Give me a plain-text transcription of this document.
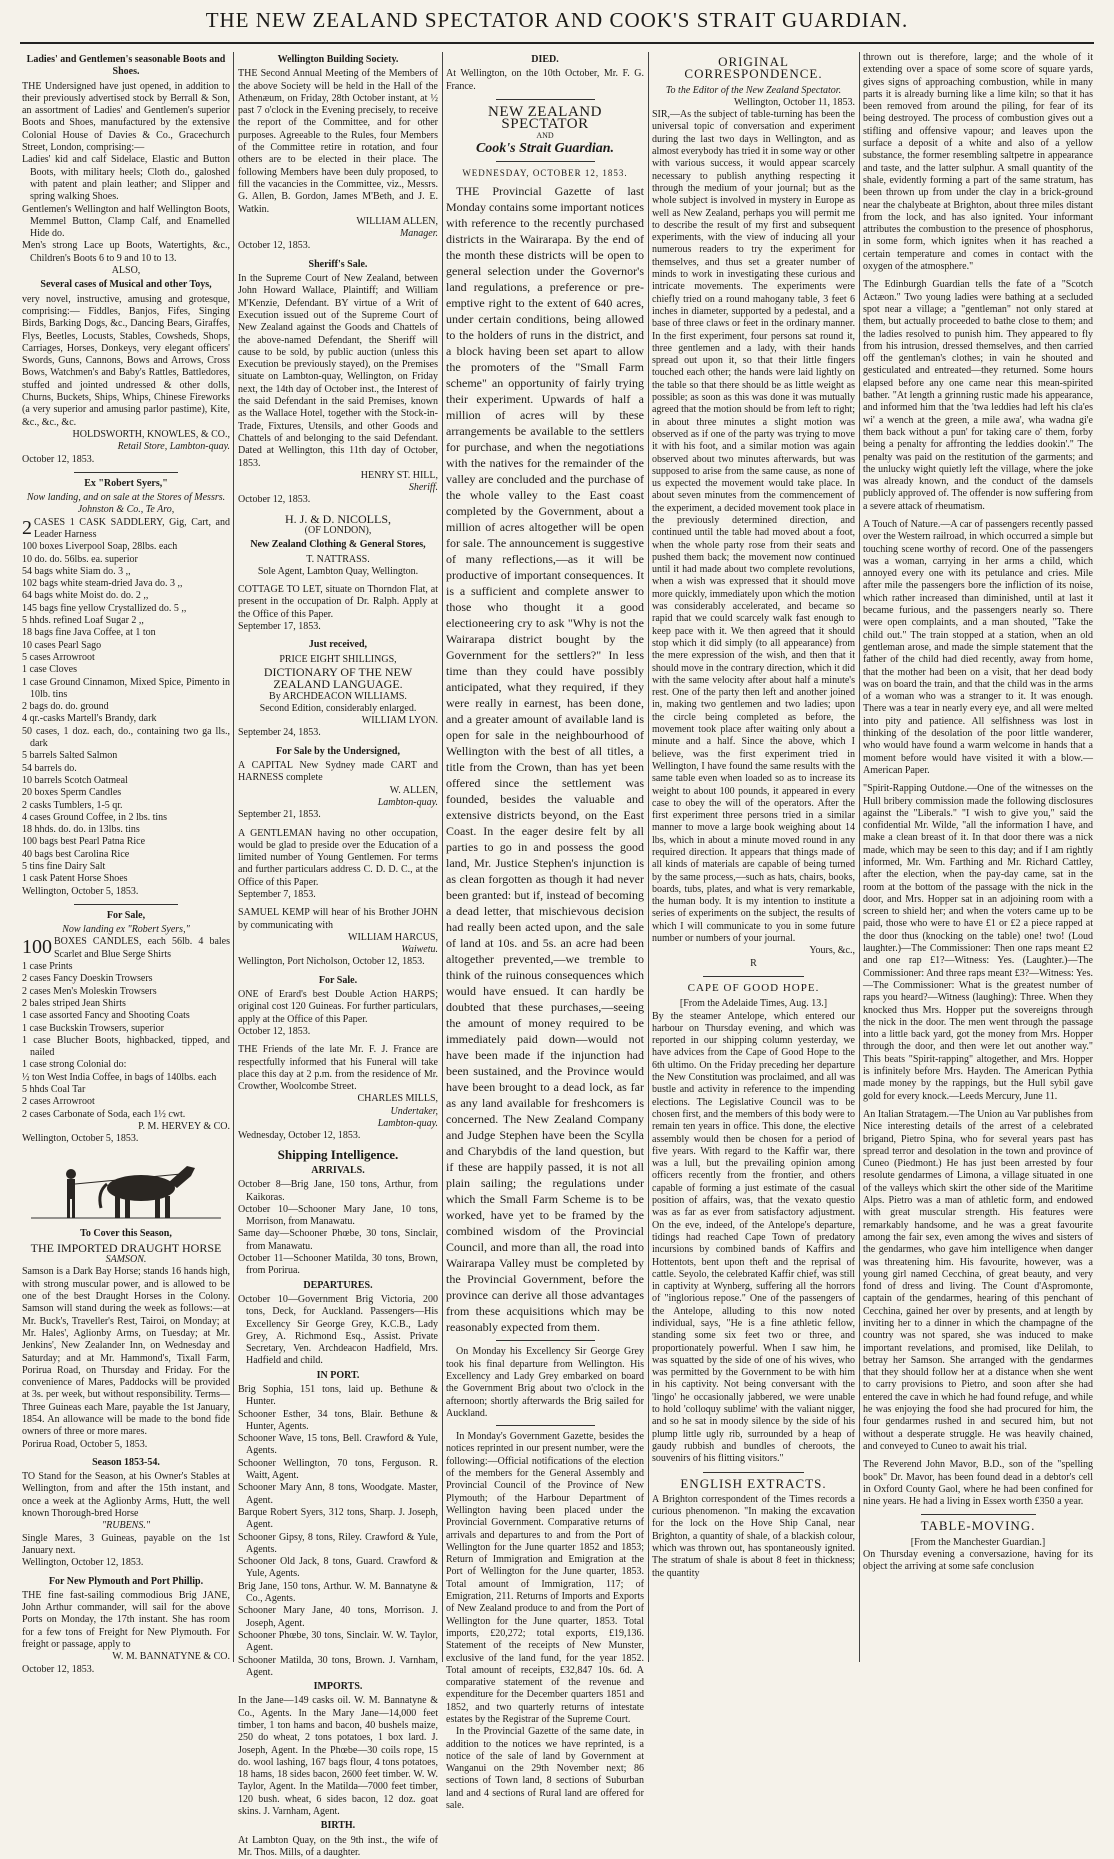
THE NEW ZEALAND SPECTATOR AND COOK'S STRAIT GUARDIAN.
Ladies' and Gentlemen's seasonable Boots and Shoes.
THE Undersigned have just opened, in addition to their previously advertised stock by Berrall & Son, an assortment of Ladies' and Gentlemen's superior Boots and Shoes, manufactured by the extensive Colonial House of Davies & Co., Gracechurch Street, London, comprising:—
Ladies' kid and calf Sidelace, Elastic and Button Boots, with military heels; Cloth do., galoshed with patent and plain leather; and Slipper and spring walking Shoes.
Gentlemen's Wellington and half Wellington Boots, Memmel Button, Clamp Calf, and Enamelled Hide do.
Men's strong Lace up Boots, Watertights, &c., Children's Boots 6 to 9 and 10 to 13.
ALSO,
Several cases of Musical and other Toys,
very novel, instructive, amusing and grotesque, comprising:— Fiddles, Banjos, Fifes, Singing Birds, Barking Dogs, &c., Dancing Bears, Giraffes, Flys, Beetles, Locusts, Stables, Cowsheds, Shops, Carriages, Horses, Donkeys, very elegant officers' Swords, Guns, Cannons, Bows and Arrows, Cross Bows, Watchmen's and Baby's Rattles, Battledores, stuffed and jointed undressed & other dolls, Churns, Buckets, Ships, Whips, Chinese Fireworks (a very superior and amusing parlor pastime), Kite, &c., &c., &c.
HOLDSWORTH, KNOWLES, & CO.,
Retail Store, Lambton-quay.
October 12, 1853.
Ex "Robert Syers,"
Now landing, and on sale at the Stores of Messrs. Johnston & Co., Te Aro,
2 CASES 1 CASK SADDLERY, Gig, Cart, and Leader Harness
100 boxes Liverpool Soap, 28lbs. each
10 do. do. 56lbs. ea. superior
54 bags white Siam do. 3 ,,
102 bags white steam-dried Java do. 3 ,,
64 bags white Moist do. do. 2 ,,
145 bags fine yellow Crystallized do. 5 ,,
5 hhds. refined Loaf Sugar 2 ,,
18 bags fine Java Coffee, at 1 ton
10 cases Pearl Sago
5 cases Arrowroot
1 case Cloves
1 case Ground Cinnamon, Mixed Spice, Pimento in 10lb. tins
2 bags do. do. ground
4 qr.-casks Martell's Brandy, dark
50 cases, 1 doz. each, do., containing two ga lls., dark
5 barrels Salted Salmon
54 barrels do.
10 barrels Scotch Oatmeal
20 boxes Sperm Candles
2 casks Tumblers, 1-5 qr.
4 cases Ground Coffee, in 2 lbs. tins
18 hhds. do. do. in 13lbs. tins
100 bags best Pearl Patna Rice
40 bags best Carolina Rice
5 tins fine Dairy Salt
1 cask Patent Horse Shoes
Wellington, October 5, 1853.
For Sale,
Now landing ex "Robert Syers,"
100 BOXES CANDLES, each 56lb. 4 bales Scarlet and Blue Serge Shirts
1 case Prints
2 cases Fancy Doeskin Trowsers
2 cases Men's Moleskin Trowsers
2 bales striped Jean Shirts
1 case assorted Fancy and Shooting Coats
1 case Buckskin Trowsers, superior
1 case Blucher Boots, highbacked, tipped, and nailed
1 case strong Colonial do:
½ ton West India Coffee, in bags of 140lbs. each
5 hhds Coal Tar
2 cases Arrowroot
2 cases Carbonate of Soda, each 1½ cwt.
P. M. HERVEY & CO.
Wellington, October 5, 1853.
To Cover this Season,
THE IMPORTED DRAUGHT HORSE
SAMSON.
Samson is a Dark Bay Horse; stands 16 hands high, with strong muscular power, and is allowed to be one of the best Draught Horses in the Colony. Samson will stand during the week as follows:—at Mr. Buck's, Traveller's Rest, Tairoi, on Monday; at Mr. Hales', Aglionby Arms, on Tuesday; at Mr. Jenkins', New Zealander Inn, on Wednesday and Saturday; and at Mr. Hammond's, Tixall Farm, Porirua Road, on Thursday and Friday. For the convenience of Mares, Paddocks will be provided at 3s. per week, but without responsibility. Terms—Three Guineas each Mare, payable the 1st January, 1854. An allowance will be made to the bond fide owners of three or more mares.
Porirua Road, October 5, 1853.
Season 1853-54.
TO Stand for the Season, at his Owner's Stables at Wellington, from and after the 15th instant, and once a week at the Aglionby Arms, Hutt, the well known Thorough-bred Horse
"RUBENS."
Single Mares, 3 Guineas, payable on the 1st January next.
Wellington, October 12, 1853.
For New Plymouth and Port Phillip.
THE fine fast-sailing commodious Brig JANE, John Arthur commander, will sail for the above Ports on Monday, the 17th instant. She has room for a few tons of Freight for New Plymouth. For freight or passage, apply to
W. M. BANNATYNE & CO.
October 12, 1853.
Wellington Building Society.
THE Second Annual Meeting of the Members of the above Society will be held in the Hall of the Athenæum, on Friday, 28th October instant, at ½ past 7 o'clock in the Evening precisely, to receive the report of the Committee, and for other purposes. Agreeable to the Rules, four Members of the Committee retire in rotation, and four others are to be elected in their place. The following Members have been duly proposed, to fill the vacancies in the Committee, viz., Messrs. G. Allen, B. Gordon, James M'Beth, and J. E. Watkin.
WILLIAM ALLEN,
Manager.
October 12, 1853.
Sheriff's Sale.
In the Supreme Court of New Zealand, between John Howard Wallace, Plaintiff; and William M'Kenzie, Defendant. BY virtue of a Writ of Execution issued out of the Supreme Court of New Zealand against the Goods and Chattels of the above-named Defendant, the Sheriff will cause to be sold, by public auction (unless this Execution be previously stayed), on the Premises situate on Lambton-quay, Wellington, on Friday next, the 14th day of October inst., the Interest of the said Defendant in the said Premises, known as the Wallace Hotel, together with the Stock-in-Trade, Fixtures, Utensils, and other Goods and Chattels of and belonging to the said Defendant. Dated at Wellington, this 11th day of October, 1853.
HENRY ST. HILL,
Sheriff.
October 12, 1853.
H. J. & D. NICOLLS,
(OF LONDON),
New Zealand Clothing & General Stores,
T. NATTRASS.
Sole Agent, Lambton Quay, Wellington.
COTTAGE TO LET, situate on Thorndon Flat, at present in the occupation of Dr. Ralph. Apply at the Office of this Paper.
September 17, 1853.
Just received,
PRICE EIGHT SHILLINGS,
DICTIONARY OF THE NEW ZEALAND LANGUAGE.
By ARCHDEACON WILLIAMS.
Second Edition, considerably enlarged.
WILLIAM LYON.
September 24, 1853.
For Sale by the Undersigned,
A CAPITAL New Sydney made CART and HARNESS complete
W. ALLEN,
Lambton-quay.
September 21, 1853.
A GENTLEMAN having no other occupation, would be glad to preside over the Education of a limited number of Young Gentlemen. For terms and further particulars address C. D. D. C., at the Office of this Paper.
September 7, 1853.
SAMUEL KEMP will hear of his Brother JOHN by communicating with
WILLIAM HARCUS,
Waiwetu.
Wellington, Port Nicholson, October 12, 1853.
For Sale.
ONE of Erard's best Double Action HARPS; original cost 120 Guineas. For further particulars, apply at the Office of this Paper.
October 12, 1853.
THE Friends of the late Mr. F. J. France are respectfully informed that his Funeral will take place this day at 2 p.m. from the residence of Mr. Crowther, Woolcombe Street.
CHARLES MILLS,
Undertaker,
Lambton-quay.
Wednesday, October 12, 1853.
Shipping Intelligence.
ARRIVALS.
October 8—Brig Jane, 150 tons, Arthur, from Kaikoras.
October 10—Schooner Mary Jane, 10 tons, Morrison, from Manawatu.
Same day—Schooner Phœbe, 30 tons, Sinclair, from Manawatu.
October 11—Schooner Matilda, 30 tons, Brown, from Porirua.
DEPARTURES.
October 10—Government Brig Victoria, 200 tons, Deck, for Auckland. Passengers—His Excellency Sir George Grey, K.C.B., Lady Grey, A. Richmond Esq., Assist. Private Secretary, Ven. Archdeacon Hadfield, Mrs. Hadfield and child.
IN PORT.
Brig Sophia, 151 tons, laid up. Bethune & Hunter.
Schooner Esther, 34 tons, Blair. Bethune & Hunter, Agents.
Schooner Wave, 15 tons, Bell. Crawford & Yule, Agents.
Schooner Wellington, 70 tons, Ferguson. R. Waitt, Agent.
Schooner Mary Ann, 8 tons, Woodgate. Master, Agent.
Barque Robert Syers, 312 tons, Sharp. J. Joseph, Agent.
Schooner Gipsy, 8 tons, Riley. Crawford & Yule, Agents.
Schooner Old Jack, 8 tons, Guard. Crawford & Yule, Agents.
Brig Jane, 150 tons, Arthur. W. M. Bannatyne & Co., Agents.
Schooner Mary Jane, 40 tons, Morrison. J. Joseph, Agent.
Schooner Phœbe, 30 tons, Sinclair. W. W. Taylor, Agent.
Schooner Matilda, 30 tons, Brown. J. Varnham, Agent.
IMPORTS.
In the Jane—149 casks oil. W. M. Bannatyne & Co., Agents. In the Mary Jane—14,000 feet timber, 1 ton hams and bacon, 40 bushels maize, 250 do wheat, 2 tons potatoes, 1 box lard. J. Joseph, Agent. In the Phœbe—30 coils rope, 15 do. wool lashing, 167 bags flour, 4 tons potatoes, 18 hams, 18 sides bacon, 2600 feet timber. W. W. Taylor, Agent. In the Matilda—7000 feet timber, 120 bush. wheat, 6 sides bacon, 12 doz. goat skins. J. Varnham, Agent.
BIRTH.
At Lambton Quay, on the 9th inst., the wife of Mr. Thos. Mills, of a daughter.
DIED.
At Wellington, on the 10th October, Mr. F. G. France.
NEW ZEALAND SPECTATOR
AND
Cook's Strait Guardian.
WEDNESDAY, OCTOBER 12, 1853.

THE Provincial Gazette of last Monday contains some important notices with reference to the recently purchased districts in the Wairarapa. By the end of the month these districts will be open to general selection under the Governor's land regulations, a preference or pre-emptive right to the extent of 640 acres, under certain conditions, being allowed to the holders of runs in the district, and a block having been set apart to allow the promoters of the "Small Farm scheme" an opportunity of fairly trying their experiment. Upwards of half a million of acres will by these arrangements be available to the settlers for purchase, and when the negotiations with the natives for the remainder of the valley are concluded and the purchase of the whole valley to the East coast completed by the Government, about a million of acres altogether will be open for sale. The announcement is suggestive of many reflections,—as it will be productive of important consequences. It is a sufficient and complete answer to those who thought it a good electioneering cry to ask "Why is not the Wairarapa district bought by the Government for the settlers?" In less time than they could have possibly anticipated, what they required, if they were really in earnest, has been done, and a greater amount of available land is open for sale in the neighbourhood of Wellington with the best of all titles, a title from the Crown, than has yet been offered since the settlement was founded, besides the valuable and extensive districts beyond, on the East Coast. In the eager desire felt by all parties to go in and possess the good land, Mr. Justice Stephen's injunction is as clean forgotten as though it had never been granted: but if, instead of becoming a dead letter, that mischievous decision had really been acted upon, and the sale of land at 10s. and 5s. an acre had been altogether prevented,—we tremble to think of the ruinous consequences which would have ensued. It can hardly be doubted that these purchases,—seeing the amount of money required to be immediately paid down—would not have been made if the injunction had been sustained, and the Province would have been brought to a dead lock, as far as any land available for freshcomers is concerned. The New Zealand Company and Judge Stephen have been the Scylla and Charybdis of the land question, but if these are happily passed, it is not all plain sailing; the regulations under which the Small Farm Scheme is to be worked, have yet to be framed by the combined wisdom of the Provincial Council, and more than all, the road into Wairarapa Valley must be completed by the Provincial Government, before the province can derive all those advantages from these acquisitions which may be reasonably expected from them.

On Monday his Excellency Sir George Grey took his final departure from Wellington. His Excellency and Lady Grey embarked on board the Government Brig about two o'clock in the afternoon; shortly afterwards the Brig sailed for Auckland.

In Monday's Government Gazette, besides the notices reprinted in our present number, were the following:—Official notifications of the election of the members for the General Assembly and Provincial Council of the Province of New Plymouth; of the Harbour Department of Wellington having been placed under the Provincial Government. Comparative returns of arrivals and departures to and from the Port of Wellington for the June quarter 1852 and 1853; Return of Immigration and Emigration at the Port of Wellington for the June quarter, 1853. Total amount of Immigration, 117; of Emigration, 211. Returns of Imports and Exports of New Zealand produce to and from the Port of Wellington for the June quarter, 1853. Total imports, £20,272; total exports, £19,136. Statement of the receipts of New Munster, exclusive of the land fund, for the year 1852. Total amount of receipts, £32,847 10s. 6d. A comparative statement of the revenue and expenditure for the December quarters 1851 and 1852, and two quarterly returns of intestate estates by the Registrar of the Supreme Court.

In the Provincial Gazette of the same date, in addition to the notices we have reprinted, is a notice of the sale of land by Government at Wanganui on the 29th November next; 86 sections of Town land, 8 sections of Suburban land and 4 sections of Rural land are offered for sale.

ORIGINAL CORRESPONDENCE.
To the Editor of the New Zealand Spectator.
Wellington, October 11, 1853.
SIR,—As the subject of table-turning has been the universal topic of conversation and experiment during the last two days in Wellington, and as almost everybody has tried it in some way or other with various success, it would appear scarcely necessary to publish anything respecting it through the medium of your journal; but as the whole subject is involved in mystery in Europe as well as New Zealand, perhaps you will permit me to describe the result of my first and subsequent experiments, with the view of inducing all your numerous readers to try the experiment for themselves, and thus set a greater number of minds to work in investigating these curious and intricate movements. The experiments were chiefly tried on a round mahogany table, 3 feet 6 inches in diameter, supported by a pedestal, and a base of three claws or feet in the ordinary manner. In the first experiment, four persons sat round it, three gentlemen and a lady, with their hands spread out upon it, so that their little fingers touched each other; the hands were laid lightly on the table so that there should be as little weight as possible; as soon as this was done it was mutually agreed that the motion should be from left to right; in about three minutes a slight motion was observed as if one of the party was trying to move it with his foot, and a similar motion was again observed about two minutes afterwards, but was supposed to arise from the same cause, as none of us expected the movement would take place. In about seven minutes from the commencement of the experiment, a decided movement took place in the previously determined direction, and continued until the table had moved about a foot, when the whole party rose from their seats and pushed them back; the movement now continued until it had made about two complete revolutions, when a wish was expressed that it should move more quickly, immediately upon which the motion was considerably accelerated, and became so rapid that we could scarcely walk fast enough to keep pace with it. We then agreed that it should stop which it did simply (to all appearance) from the mere expression of the wish, and then that it should move in the contrary direction, which it did with the same velocity after about half a minute's rest. One of the party then left and another joined in, making two gentlemen and two ladies; upon the circle being completed as before, the movement took place after waiting only about a minute and a half. Since the above, which I believe, was the first experiment tried in Wellington, I have found the same results with the same table even when loaded so as to increase its weight to about 100 pounds, it appeared in every case to obey the will of the operators. After the first experiment three persons tried in a similar manner to move a large book weighing about 14 lbs, which in about a minute moved round in any required direction. It appears that things made of all kinds of materials are capable of being turned by the same process,—such as hats, chairs, books, boards, tubs, plates, and what is very remarkable, the human body. It is my intention to institute a series of experiments on the subject, the results of which I will communicate to you in some future number or numbers of your journal.
Yours, &c.,
R
CAPE OF GOOD HOPE.
[From the Adelaide Times, Aug. 13.]
By the steamer Antelope, which entered our harbour on Thursday evening, and which was reported in our shipping column yesterday, we have advices from the Cape of Good Hope to the 6th ultimo. On the Friday preceding her departure the New Constitution was proclaimed, and all was bustle and activity in reference to the impending elections. The Legislative Council was to be chosen first, and the members of this body were to remain ten years in office. This done, the elective assembly would then be chosen for a period of five years. With regard to the Kaffir war, there was a lull, but the prevailing opinion among officers recently from the frontier, and others capable of forming a just estimate of the casual position of affairs, was, that the vexato questio was as far as ever from satisfactory adjustment. On the eve, indeed, of the Antelope's departure, tidings had reached Cape Town of predatory incursions by combined bands of Kaffirs and Hottentots, bent upon theft and the reprisal of cattle. Seyolo, the celebrated Kaffir chief, was still in captivity at Wynberg, suffering all the horrors of "inglorious repose." One of the passengers of the Antelope, alluding to this now noted individual, says, "He is a fine athletic fellow, standing some six feet two or three, and proportionately powerful. When I saw him, he was squatted by the side of one of his wives, who was permitted by the Government to be with him in his captivity. Not being conversant with the 'lingo' he occasionally jabbered, we were unable to hold 'colloquy sublime' with the valiant nigger, and so he sat in moody silence by the side of his plump little ugly rib, surrounded by a heap of gaudy rubbish and bundles of cheroots, the souvenirs of his flitting visitors."
ENGLISH EXTRACTS.
A Brighton correspondent of the Times records a curious phenomenon. "In making the excavation for the lock on the Hove Ship Canal, near Brighton, a quantity of shale, of a blackish colour, which was thrown out, has spontaneously ignited. The stratum of shale is about 8 feet in thickness; the quantity
thrown out is therefore, large; and the whole of it extending over a space of some score of square yards, gives signs of approaching combustion, while in many parts it is already burning like a lime kiln; so that it has been removed from around the piling, for fear of its being destroyed. The process of combustion gives out a stifling and offensive vapour; and leaves upon the surface a deposit of a white and also of a yellow substance, the former resembling saltpetre in appearance and taste, and the latter sulphur. A small quantity of the shale, evidently forming a part of the same stratum, has been thrown up from under the clay in a brick-ground near the chalybeate at Brighton, about three miles distant from the lock, and has also ignited. Your informant attributes the combustion to the presence of phosphorus, in some form, which ignites when it has reached a certain temperature and comes in contact with the oxygen of the atmosphere."
The Edinburgh Guardian tells the fate of a "Scotch Actæon." Two young ladies were bathing at a secluded spot near a village; a "gentleman" not only stared at them, but actually proceeded to bathe close to them; and the ladies resolved to punish him. They appeared to fly from his intrusion, dressed themselves, and then carried off the gentleman's clothes; in vain he shouted and gesticulated and entreated—they returned. Some hours elapsed before any one came near this mean-spirited bather. "At length a grinning rustic made his appearance, and informed him that the 'twa leddies had left his cla'es wi' a wench at the green, a mile awa', wha wadna gi'e them back without a pun' for taking care o' them, forby being a penalty for affronting the leddies dookin'." The penalty was paid on the restitution of the garments; and the unlucky wight quietly left the village, where the joke was already known, and the conduct of the damsels publicly approved of. The offender is now suffering from a severe attack of rheumatism.
A Touch of Nature.—A car of passengers recently passed over the Western railroad, in which occurred a simple but touching scene worthy of record. One of the passengers was a woman, carrying in her arms a child, which annoyed every one with its petulance and cries. Mile after mile the passengers bore the infliction of its noise, which rather increased than diminished, until at last it became furious, and the passengers nearly so. There were open complaints, and a man shouted, "Take the child out." The train stopped at a station, when an old gentleman arose, and made the simple statement that the father of the child had died recently, away from home, that the mother had been on a visit, that her dead body was on board the train, and that the child was in the arms of a woman who was a stranger to it. It was enough. There was a tear in nearly every eye, and all were melted into pity and patience. All selfishness was lost in thinking of the desolation of the poor little wanderer, who would have found a warm welcome in hands that a moment before would have visited it with a blow.—American Paper.
"Spirit-Rapping Outdone.—One of the witnesses on the Hull bribery commission made the following disclosures against the "Liberals." "I wish to give you," said the confidential Mr. Wilde, "all the information I have, and make a clean breast of it. In that door there was a nick made, which may be seen to this day; and if I am rightly informed, Mr. Wm. Farthing and Mr. Richard Cattley, after the election, when the pay-day came, sat in the room at the bottom of the passage with the nick in the door, and Mrs. Hopper sat in an adjoining room with a screen to shield her; and when the voters came up to be paid, those who were to have £1 or £2 a piece rapped at the door thus (knocking on the table) one! two! (Loud laughter.)—The Commissioner: Then one raps meant £2 and one rap £1?—Witness: Yes. (Laughter.)—The Commissioner: And three raps meant £3?—Witness: Yes.—The Commissioner: What is the greatest number of raps you heard?—Witness (laughing): Three. When they knocked thus Mrs. Hopper put the sovereigns through the nick in the door. The men went through the passage into a little back yard, got the money from Mrs. Hopper through the door, and then were let out another way." This beats "Spirit-rapping" altogether, and Mrs. Hopper is infinitely before Mrs. Hayden. The American Pythia made money by the rappings, but the Hull sybil gave gold for every knock.—Leeds Mercury, June 11.
An Italian Stratagem.—The Union au Var publishes from Nice interesting details of the arrest of a celebrated brigand, Pietro Spina, who for several years past has spread terror and desolation in the town and province of Cuneo (Piedmont.) He has just been arrested by four resolute gendarmes of Limona, a village situated in one of the valleys which skirt the other side of the Maritime Alps. Pietro was a man of athletic form, and endowed with great muscular strength. His features were remarkably handsome, and he was a great favourite among the fair sex, even among the wives and sisters of the gendarmes, who gave him intelligence when danger was threatening him. His favourite, however, was a young girl named Cecchina, of great beauty, and very fond of dress and living. The Count d'Aspromonte, captain of the gendarmes, hearing of this penchant of Cecchina, gained her over by presents, and at length by inviting her to a dinner in which the champagne of the country was not spared, she was induced to make important revelations, and promised, like Delilah, to betray her Samson. She arranged with the gendarmes that they should follow her at a distance when she went to carry provisions to Pietro, and soon after she had entered the cave in which he had found refuge, and while he was enjoying the food she had procured for him, the four gendarmes rushed in and secured him, but not without a desperate struggle. He was heavily chained, and conveyed to Cuneo to await his trial.
The Reverend John Mavor, B.D., son of the "spelling book" Dr. Mavor, has been found dead in a debtor's cell in Oxford County Gaol, where he had been confined for nine years. He had a living in Essex worth £350 a year.
TABLE-MOVING.
[From the Manchester Guardian.]
On Thursday evening a conversazione, having for its object the arriving at some safe conclusion
